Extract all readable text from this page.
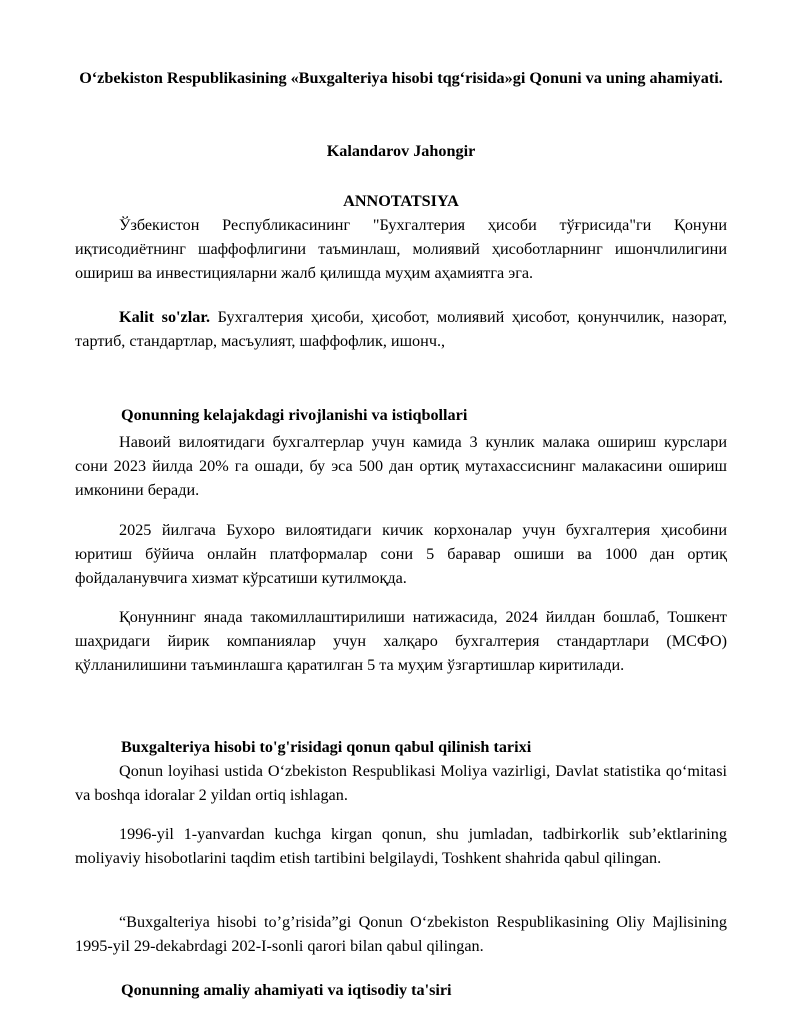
O‘zbekiston Respublikasining «Buxgalteriya hisobi tqg‘risida»gi Qonuni va uning ahamiyati.
Kalandarov Jahongir
ANNOTATSIYA

Ўзбекистон Республикасининг "Бухгалтерия ҳисоби тўғрисида"ги Қонуни иқтисодиётнинг шаффофлигини таъминлаш, молиявий ҳисоботларнинг ишончлилигини ошириш ва инвестицияларни жалб қилишда муҳим аҳамиятга эга.

Kalit so'zlar. Бухгалтерия ҳисоби, ҳисобот, молиявий ҳисобот, қонунчилик, назорат, тартиб, стандартлар, масъулият, шаффофлик, ишонч.,

Qonunning kelajakdagi rivojlanishi va istiqbollari

Навоий вилоятидаги бухгалтерлар учун камида 3 кунлик малака ошириш курслари сони 2023 йилда 20% га ошади, бу эса 500 дан ортиқ мутахассиснинг малакасини ошириш имконини беради.

2025 йилгача Бухоро вилоятидаги кичик корхоналар учун бухгалтерия ҳисобини юритиш бўйича онлайн платформалар сони 5 баравар ошиши ва 1000 дан ортиқ фойдаланувчига хизмат кўрсатиши кутилмоқда.

Қонуннинг янада такомиллаштирилиши натижасида, 2024 йилдан бошлаб, Тошкент шаҳридаги йирик компаниялар учун халқаро бухгалтерия стандартлари (МСФО) қўлланилишини таъминлашга қаратилган 5 та муҳим ўзгартишлар киритилади.

Buxgalteriya hisobi to'g'risidagi qonun qabul qilinish tarixi

Qonun loyihasi ustida O‘zbekiston Respublikasi Moliya vazirligi, Davlat statistika qo‘mitasi va boshqa idoralar 2 yildan ortiq ishlagan.

1996-yil 1-yanvardan kuchga kirgan qonun, shu jumladan, tadbirkorlik sub’ektlarining moliyaviy hisobotlarini taqdim etish tartibini belgilaydi, Toshkent shahrida qabul qilingan.

“Buxgalteriya hisobi to’g’risida”gi Qonun O‘zbekiston Respublikasining Oliy Majlisining 1995-yil 29-dekabrdagi 202-I-sonli qarori bilan qabul qilingan.

Qonunning amaliy ahamiyati va iqtisodiy ta'siri
